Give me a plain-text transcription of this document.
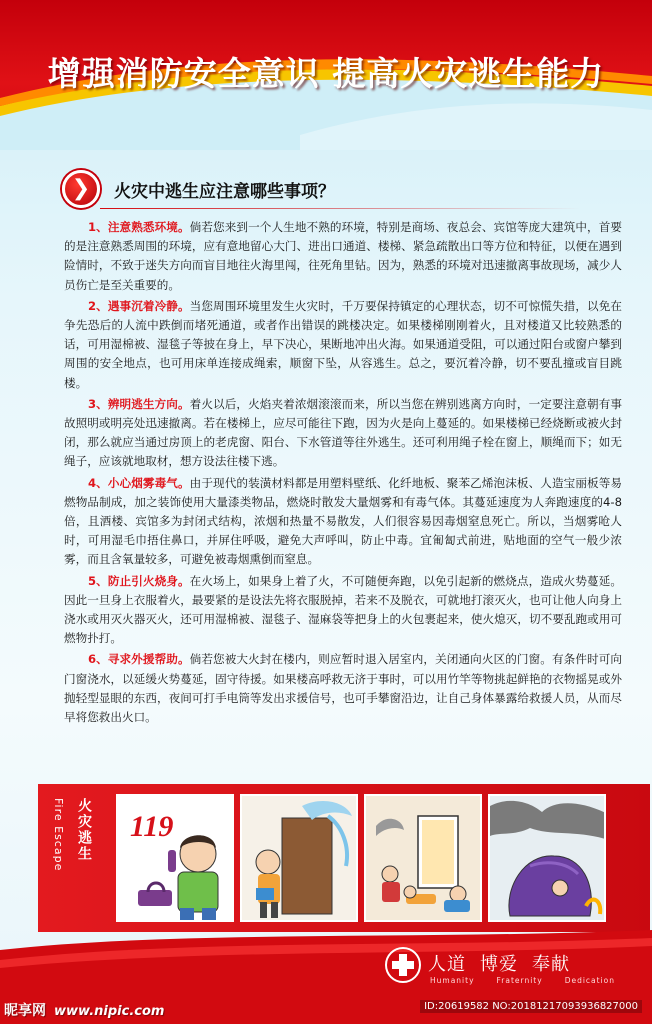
增强消防安全意识 提高火灾逃生能力
❯	火灾中逃生应注意哪些事项？

1、注意熟悉环境。倘若您来到一个人生地不熟的环境，特别是商场、夜总会、宾馆等庞大建筑中，首要的是注意熟悉周围的环境，应有意地留心大门、进出口通道、楼梯、紧急疏散出口等方位和特征，以便在遇到险情时，不致于迷失方向而盲目地往火海里闯，往死角里钻。因为，熟悉的环境对迅速撤离事故现场，减少人员伤亡是至关重要的。

2、遇事沉着冷静。当您周围环境里发生火灾时，千万要保持镇定的心理状态，切不可惊慌失措，以免在争先恐后的人流中跌倒而堵死通道，或者作出错误的跳楼决定。如果楼梯刚刚着火，且对楼道又比较熟悉的话，可用湿棉被、湿毯子等披在身上，早下决心，果断地冲出火海。如果通道受阻，可以通过阳台或窗户攀到周围的安全地点，也可用床单连接成绳索，顺窗下坠，从容逃生。总之，要沉着冷静，切不要乱撞或盲目跳楼。

3、辨明逃生方向。着火以后，火焰夹着浓烟滚滚而来，所以当您在辨别逃离方向时，一定要注意朝有事故照明或明亮处迅速撤离。若在楼梯上，应尽可能往下跑，因为火是向上蔓延的。如果楼梯已经烧断或被火封闭，那么就应当通过房顶上的老虎窗、阳台、下水管道等往外逃生。还可利用绳子栓在窗上，顺绳而下；如无绳子，应该就地取材，想方设法往楼下逃。

4、小心烟雾毒气。由于现代的装潢材料都是用塑料壁纸、化纤地板、聚苯乙烯泡沫板、人造宝丽板等易燃物品制成，加之装饰使用大量漆类物品，燃烧时散发大量烟雾和有毒气体。其蔓延速度为人奔跑速度的4-8倍，且酒楼、宾馆多为封闭式结构，浓烟和热量不易散发，人们很容易因毒烟窒息死亡。所以，当烟雾呛人时，可用湿毛巾捂住鼻口，并屏住呼吸，避免大声呼叫，防止中毒。宜匍匐式前进，贴地面的空气一般少浓雾，而且含氧量较多，可避免被毒烟熏倒而窒息。

5、防止引火烧身。在火场上，如果身上着了火，不可随便奔跑，以免引起新的燃烧点，造成火势蔓延。因此一旦身上衣服着火，最要紧的是设法先将衣服脱掉，若来不及脱衣，可就地打滚灭火，也可让他人向身上浇水或用灭火器灭火，还可用湿棉被、湿毯子、湿麻袋等把身上的火包裹起来，使火熄灭，切不要乱跑或用可燃物扑打。

6、寻求外援帮助。倘若您被大火封在楼内，则应暂时退入居室内，关闭通向火区的门窗。有条件时可向门窗浇水，以延缓火势蔓延，固守待援。如果楼高呼救无济于事时，可以用竹竿等物挑起鲜艳的衣物摇晃或外抛轻型显眼的东西，夜间可打手电筒等发出求援信号，也可手攀窗沿边，让自己身体暴露给救援人员，从而尽早将您救出火口。

火灾逃生
Fire Escape 119
人道 博爱 奉献
Humanity	Fraternity	Dedication
昵享网 www.nipic.com	ID:20619582 NO:20181217093936827000
